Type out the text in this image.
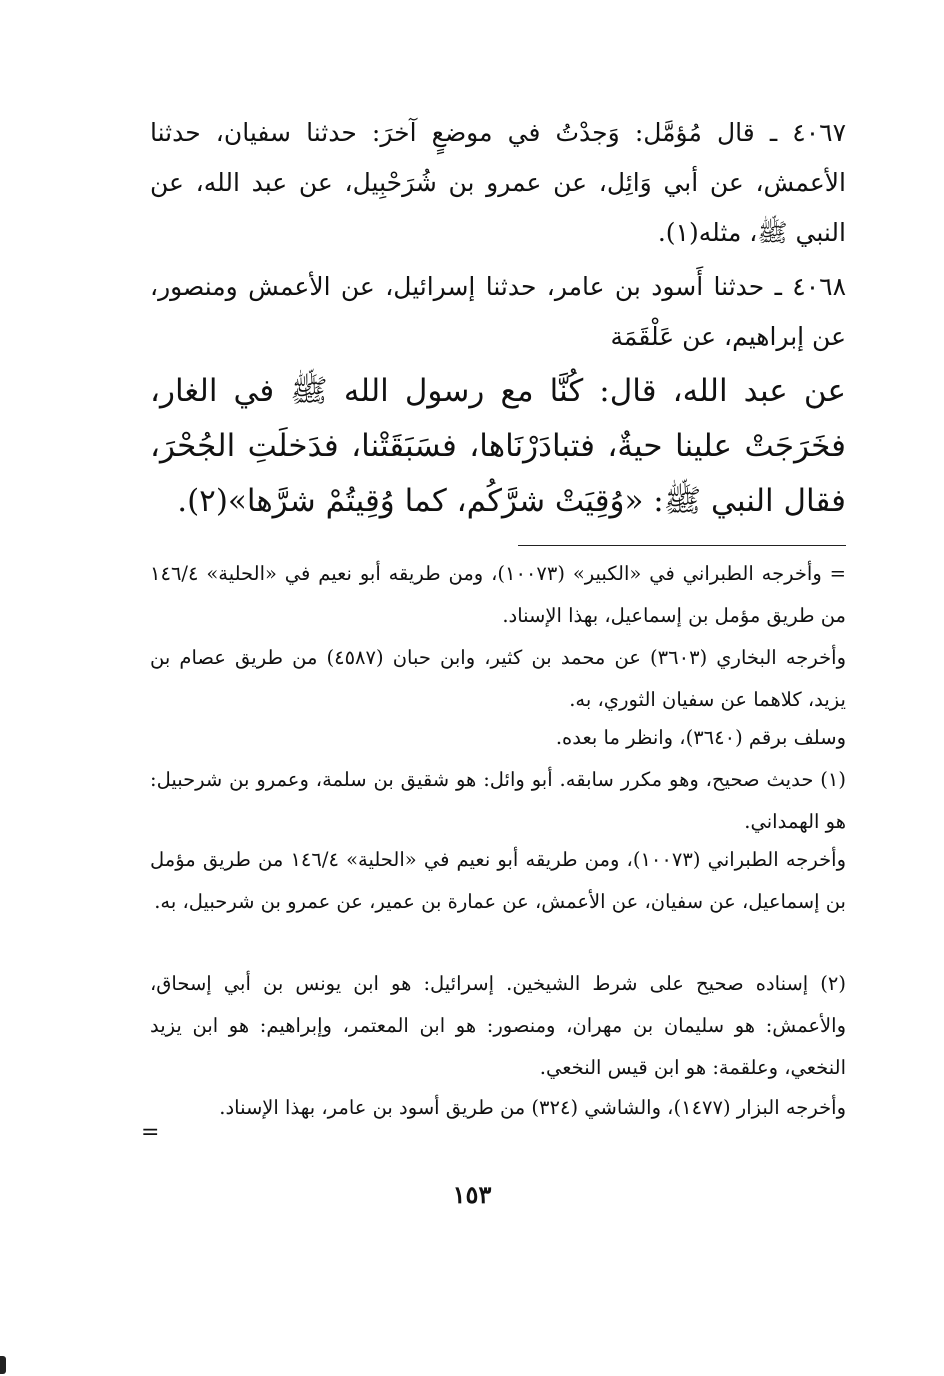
٤٠٦٧ ـ قال مُؤمَّل: وَجدْتُ في موضعٍ آخرَ: حدثنا سفيان، حدثنا الأعمش، عن أبي وَائِل، عن عمرو بن شُرَحْبِيل، عن عبد الله، عن النبي ﷺ، مثله(١).
٤٠٦٨ ـ حدثنا أَسود بن عامر، حدثنا إسرائيل، عن الأعمش ومنصور، عن إبراهيم، عن عَلْقَمَة
عن عبد الله، قال: كُنَّا مع رسول الله ﷺ في الغار، فخَرَجَتْ علينا حيةٌ، فتبادَرْنَاها، فسَبَقَتْنا، فدَخلَتِ الجُحْرَ، فقال النبي ﷺ: «وُقِيَتْ شرَّكُم، كما وُقِيتُمْ شرَّها»(٢).
= وأخرجه الطبراني في «الكبير» (١٠٠٧٣)، ومن طريقه أبو نعيم في «الحلية» ١٤٦/٤ من طريق مؤمل بن إسماعيل، بهذا الإسناد.
وأخرجه البخاري (٣٦٠٣) عن محمد بن كثير، وابن حبان (٤٥٨٧) من طريق عصام بن يزيد، كلاهما عن سفيان الثوري، به.
وسلف برقم (٣٦٤٠)، وانظر ما بعده.
(١) حديث صحيح، وهو مكرر سابقه. أبو وائل: هو شقيق بن سلمة، وعمرو بن شرحبيل: هو الهمداني.
وأخرجه الطبراني (١٠٠٧٣)، ومن طريقه أبو نعيم في «الحلية» ١٤٦/٤ من طريق مؤمل بن إسماعيل، عن سفيان، عن الأعمش، عن عمارة بن عمير، عن عمرو بن شرحبيل، به.
(٢) إسناده صحيح على شرط الشيخين. إسرائيل: هو ابن يونس بن أبي إسحاق، والأعمش: هو سليمان بن مهران، ومنصور: هو ابن المعتمر، وإبراهيم: هو ابن يزيد النخعي، وعلقمة: هو ابن قيس النخعي.
وأخرجه البزار (١٤٧٧)، والشاشي (٣٢٤) من طريق أسود بن عامر، بهذا الإسناد.
=
١٥٣
